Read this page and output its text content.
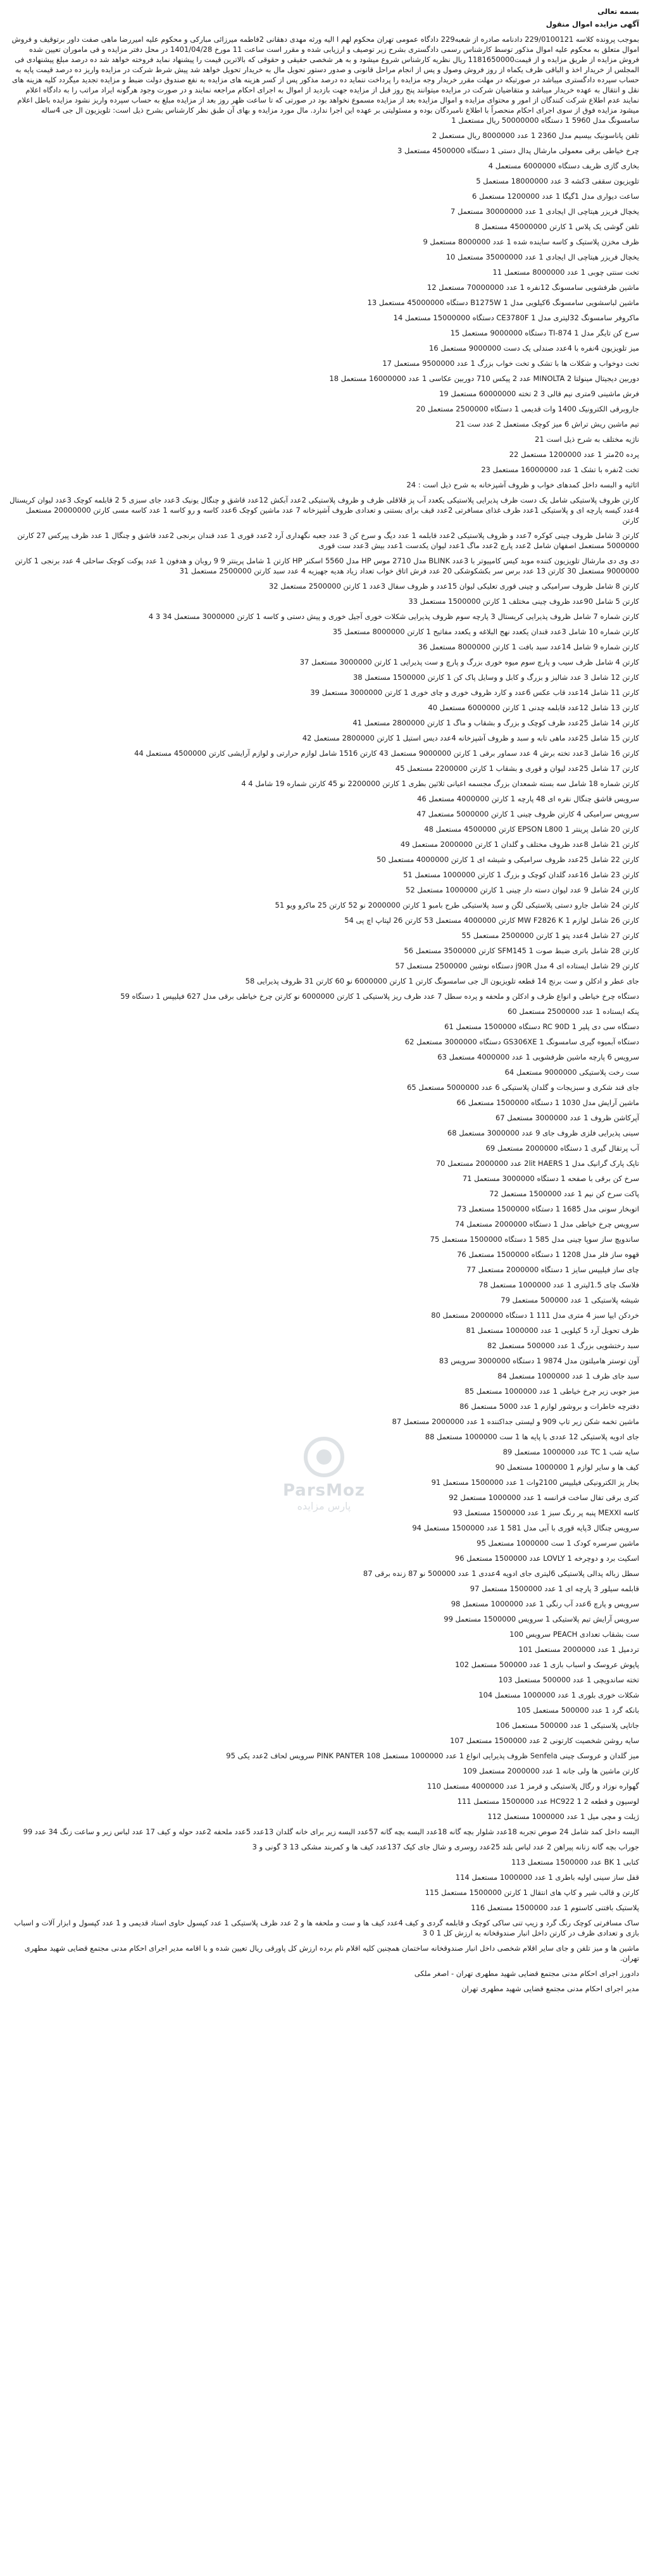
بسمه تعالی
آگهی مزایده اموال منقول
بموجب پرونده کلاسه 229/0100121 دادنامه صادره از شعبه229 دادگاه عمومی تهران محکوم لهم ا الیه ورثه مهدی دهقانی 2فاطمه میرزائی مبارکی و محکوم علیه امیررضا ماهی صفت داور برتوقیف و فروش اموال متعلق به محکوم علیه اموال مذکور توسط کارشناس رسمی دادگستری بشرح زیر توصیف و ارزیابی شده و مقرر است ساعت 11 مورخ 1401/04/28 در محل دفتر مزایده و فی ماموران تعیین شده فروش مزایده از طریق مزایده و از قیمت1181650000 ریال نظریه کارشناس شروع میشود و به هر شخصی حقیقی و حقوقی که بالاترین قیمت را پیشنهاد نماید فروخته خواهد شد ده درصد مبلغ پیشنهادی فی المجلس از خریدار اخذ و الباقی ظرف یکماه از روز فروش وصول و پس از انجام مراحل قانونی و صدور دستور تحویل مال به خریدار تحویل خواهد شد پیش شرط شرکت در مزایده واریز ده درصد قیمت پایه به حساب سپرده دادگستری میباشد در صورتیکه در مهلت مقرر خریدار وجه مزایده را پرداخت ننماید ده درصد مذکور پس از کسر هزینه های مزایده به نفع صندوق دولت ضبط و مزایده تجدید میگردد کلیه هزینه های نقل و انتقال به عهده خریدار میباشد و متقاضیان شرکت در مزایده میتوانند پنج روز قبل از مزایده جهت بازدید از اموال به اجرای احکام مراجعه نمایند و در صورت وجود هرگونه ایراد مراتب را به دادگاه اعلام نمایند عدم اطلاع شرکت کنندگان از امور و محتوای مزایده و اموال مزایده بعد از مزایده مسموع نخواهد بود در صورتی که تا ساعت ظهر روز بعد از مزایده مبلغ به حساب سپرده واریز نشود مزایده باطل اعلام میشود مزایده فوق از سوی اجرای احکام منحصراً با اطلاع نامبردگان بوده و مسئولیتی بر عهده این اجرا ندارد. مال مورد مزایده و بهای آن طبق نظر کارشناس بشرح ذیل است: تلویزیون ال جی 4ساله سامسونگ مدل 5960 1 دستگاه 50000000 ریال مستعمل 1
تلفن پاناسونیک بیسیم مدل 2360 1 عدد 8000000 ریال مستعمل 2
چرخ خیاطی برقی معمولی مارشال پدال دستی 1 دستگاه 4500000 مستعمل 3
بخاری گازی ظریف دستگاه 6000000 مستعمل 4
تلویزیون سقفی 3کشه 3 عدد 18000000 مستعمل 5
ساعت دیواری مدل 1گیگا 1 عدد 1200000 مستعمل 6
یخچال فریزر هیتاچی ال ایجادی 1 عدد 30000000 مستعمل 7
تلفن گوشی یک پلاس 1 کارتن 45000000 مستعمل 8
ظرف مخزن پلاستیک و کاسه ساینده شده 1 عدد 8000000 مستعمل 9
یخچال فریزر هیتاچی ال ایجادی 1 عدد 35000000 مستعمل 10
تخت سنتی چوبی 1 عدد 8000000 مستعمل 11
ماشین ظرفشویی سامسونگ 12نفره 1 عدد 70000000 مستعمل 12
ماشین لباسشویی سامسونگ 6کیلویی مدل B1275W 1 دستگاه 45000000 مستعمل 13
ماکروفر سامسونگ 32لیتری مدل CE3780F 1 دستگاه 15000000 مستعمل 14
سرخ کن تایگر مدل TI-874 1 دستگاه 9000000 مستعمل 15
میز تلویزیون 4نفره با 4عدد صندلی یک دست 9000000 مستعمل 16
تخت دوخواب و شکلات ها با تشک و تخت خواب بزرگ 1 عدد 9500000 مستعمل 17
دوربین دیجیتال مینولتا MINOLTA 2 عدد 2 پیکس 710 دوربین عکاسی 1 عدد 16000000 مستعمل 18
فرش ماشینی 9متری نیم قالی 3 2 تخته 60000000 مستعمل 19
جاروبرقی الکترونیک 1400 وات قدیمی 1 دستگاه 2500000 مستعمل 20
تیم ماشین ریش تراش 6 میز کوچک مستعمل 2 عدد ست 21
ناژیه مختلف به شرح ذیل است 21
پرده 20متر 1 عدد 1200000 مستعمل 22
تخت 2نفره با تشک 1 عدد 16000000 مستعمل 23
اثاثیه و البسه داخل کمدهای خواب و ظروف آشپزخانه به شرح ذیل است : 24
کارتن ظروف پلاستیکی شامل یک دست ظرف پذیرایی پلاستیکی یکعدد آب پز قلاقلی ظرف و ظروف پلاستیکی 2عدد آبکش 12عدد قاشق و چنگال یونیک 3عدد جای سبزی 5 2 قابلمه کوچک 3عدد لیوان کریستال 4عدد کیسه پارچه ای و پلاستیکی 1عدد ظرف غذای مسافرتی 2عدد قیف برای بستنی و تعدادی ظروف آشپزخانه 7 عدد ماشین کوچک 6عدد کاسه و رو کاسه 1 عدد کاسه مسی کارتن 20000000 مستعمل کارتن
کارتن 3 شامل ظروف چینی کوکره 7عدد و ظروف پلاستیکی 2عدد قابلمه 1 عدد دیگ و سرخ کن 3 عدد جعبه نگهداری آرد 2عدد قوری 1 عدد قندان برنجی 2عدد قاشق و چنگال 1 عدد ظرف پیرکس 27 کارتن 5000000 مستعمل اصفهان شامل 2عدد پارچ 2عدد ماگ 1عدد لیوان یکدست 1عدد بیش 3عدد ست قوری
دی وی دی مارشال تلویزیون کننده موبد کیس کامپیوتر با 3عدد BLINK مدل 2710 موس HP مدل 5560 اسکنر HP کارتن 1 شامل پرینتر 9 9 روبان و هدفون 1 عدد پوکت کوچک ساحلی 4 عدد برنجی 1 کارتن 9000000 مستعمل 30 کارتن 13 عدد برس سر بکشکوشکی 20 عدد فرش اتاق خواب تعداد زیاد هدیه جهیزیه 4 عدد سبد کارتن 2500000 مستعمل 31
کارتن 8 شامل ظروف سرامیکی و چینی قوری تعلیکی لیوان 15عدد و ظروف سفال 3عدد 1 کارتن 2500000 مستعمل 32
کارتن 5 شامل 90عدد ظروف چینی مختلف 1 کارتن 1500000 مستعمل 33
کارتن شماره 7 شامل ظروف پذیرایی کریستال 3 پارچه سوم ظروف پذیرایی شکلات خوری آجیل خوری و پیش دستی و کاسه 1 کارتن 3000000 مستعمل 34 3 4
کارتن شماره 10 شامل 3عدد قندان یکعدد نهج البلاغه و یکعدد مفاتیح 1 کارتن 8000000 مستعمل 35
کارتن شماره 9 شامل 14عدد سبد بافت 1 کارتن 8000000 مستعمل 36
کارتن 4 شامل ظرف سیب و پارچ سوم میوه خوری بزرگ و پارچ و ست پذیرایی 1 کارتن 3000000 مستعمل 37
کارتن 12 شامل 3 عدد شالیز و بزرگ و کابل و وسایل پاک کن 1 کارتن 1500000 مستعمل 38
کارتن 11 شامل 14عدد قاب عکس 6عدد و کارد ظروف خوری و چای خوری 1 کارتن 3000000 مستعمل 39
کارتن 13 شامل 12عدد قابلمه چدنی 1 کارتن 6000000 مستعمل 40
کارتن 14 شامل 25عدد ظرف کوچک و بزرگ و بشقاب و ماگ 1 کارتن 2800000 مستعمل 41
کارتن 15 شامل 25عدد ماهی تابه و سبد و ظروف آشپزخانه 4عدد دیس استیل 1 کارتن 2800000 مستعمل 42
کارتن 16 شامل 3عدد تخته برش 4 عدد سماور برقی 1 کارتن 9000000 مستعمل 43 کارتن 1516 شامل لوازم حرارتی و لوازم آرایشی کارتن 4500000 مستعمل 44
کارتن 17 شامل 25عدد لیوان و قوری و بشقاب 1 کارتن 2200000 مستعمل 45
کارتن شماره 18 شامل سه بسته شمعدان بزرگ مجسمه اعیانی ثلاثین بطری 1 کارتن 2200000 نو 45 کارتن شماره 19 شامل 4 4
سرویس قاشق چنگال نقره ای 48 پارچه 1 کارتن 4000000 مستعمل 46
سرویس سرامیکی 4 کارتن ظروف چینی 1 کارتن 5000000 مستعمل 47
کارتن 20 شامل پرینتر EPSON L800 1 کارتن 4500000 مستعمل 48
کارتن 21 شامل 8عدد ظروف مختلف و گلدان 1 کارتن 2000000 مستعمل 49
کارتن 22 شامل 25عدد ظروف سرامیکی و شیشه ای 1 کارتن 4000000 مستعمل 50
کارتن 23 شامل 16عدد گلدان کوچک و بزرگ 1 کارتن 1000000 مستعمل 51
کارتن 24 شامل 9 عدد لیوان دسته دار چینی 1 کارتن 1000000 مستعمل 52
کارتن 24 شامل جارو دستی پلاستیکی لگن و سبد پلاستیکی طرح بامبو 1 کارتن 2000000 نو 52 کارتن 25 ماکرو ویو 51
کارتن 26 شامل لوازم MW F2826 K 1 کارتن 4000000 مستعمل 53 کارتن 26 لپتاپ اچ پی 54
کارتن 27 شامل 4عدد پتو 1 کارتن 2500000 مستعمل 55
کارتن 28 شامل باتری ضبط صوت SFM145 1 کارتن 3500000 مستعمل 56
کارتن 29 شامل ایستاده ای 4 مدل j90R دستگاه نوشین 2500000 مستعمل 57
جای عطر و ادکلن و ست برنج 14 قطعه تلویزیون ال جی سامسونگ کارتن 1 کارتن 6000000 نو 60 کارتن 31 ظروف پذیرایی 58
دستگاه چرخ خیاطی و انواع ظرف و ادکلن و ملحفه و پرده سطل 7 عدد ظرف ریز پلاستیکی 1 کارتن 6000000 نو کارتن چرخ خیاطی برقی مدل 627 فیلیپس 1 دستگاه 59
پنکه ایستاده 1 عدد 2500000 مستعمل 60
دستگاه سی دی پلیر RC 90D 1 دستگاه 1500000 مستعمل 61
دستگاه آبمیوه گیری سامسونگ GS306XE 1 دستگاه 3000000 مستعمل 62
سرویس 6 پارچه ماشین ظرفشویی 1 عدد 4000000 مستعمل 63
ست رخت پلاستیکی 9000000 مستعمل 64
جای قند شکری و سبزیجات و گلدان پلاستیکی 6 عدد 5000000 مستعمل 65
ماشین آرایش مدل 1030 1 دستگاه 1500000 مستعمل 66
آپرکاشن ظروف 1 عدد 3000000 مستعمل 67
سینی پذیرایی فلزی ظروف جای 9 عدد 3000000 مستعمل 68
آب پرتقال گیری 1 دستگاه 2000000 مستعمل 69
تاپک پارک گرانیک مدل 2lit HAERS 1 عدد 2000000 مستعمل 70
سرخ کن برقی با صفحه 1 دستگاه 3000000 مستعمل 71
پاکت سرخ کن نیم 1 عدد 1500000 مستعمل 72
اتوبخار سونی مدل 1685 1 دستگاه 1500000 مستعمل 73
سرویس چرخ خیاطی مدل 1 دستگاه 2000000 مستعمل 74
ساندویچ ساز سوپا چینی مدل 585 1 دستگاه 1500000 مستعمل 75
قهوه ساز فلر مدل 1208 1 دستگاه 1500000 مستعمل 76
چای ساز فیلیپس سایز 1 دستگاه 2000000 مستعمل 77
فلاسک چای 1.5لیتری 1 عدد 1000000 مستعمل 78
شیشه پلاستیکی 1 عدد 500000 مستعمل 79
خردکن ایپا سبز 4 متری مدل 111 1 دستگاه 2000000 مستعمل 80
ظرف تحویل آرد 5 کیلویی 1 عدد 1000000 مستعمل 81
سبد رختشویی بزرگ 1 عدد 500000 مستعمل 82
آون توستر هامیلتون مدل 9874 1 دستگاه 3000000 سرویس 83
سبد جای ظرف 1 عدد 1000000 مستعمل 84
میز جوبی زیر چرخ خیاطی 1 عدد 1000000 مستعمل 85
دفترچه خاطرات و بروشور لوازم 1 عدد 5000 مستعمل 86
ماشین تخمه شکن زیر تاپ 909 و لیستی جداکننده 1 عدد 2000000 مستعمل 87
جای ادویه پلاستیکی 12 عددی با پایه ها 1 ست 1000000 مستعمل 88
سایه شب TC 1 عدد 1000000 مستعمل 89
کیف ها و سایر لوازم 1 1000000 مستعمل 90
بخار پز الکترونیکی فیلیپس 2100وات 1 عدد 1500000 مستعمل 91
کتری برقی تفال ساخت فرانسه 1 عدد 1000000 مستعمل 92
کاسه MEXXI پنبه پر رنگ سبز 1 عدد 1500000 مستعمل 93
سرویس چنگال 3پایه قوری با آبی مدل 581 1 عدد 1500000 مستعمل 94
ماشین سرسره کودک 1 ست 1000000 مستعمل 95
اسکیت برد و دوچرخه LOVLY 1 عدد 1500000 مستعمل 96
سطل زباله پدالی پلاستیکی 6لیتری جای ادویه 4عددی 1 عدد 500000 نو 87 زنده برقی 87
قابلمه سیلور 3 پارچه ای 1 عدد 1500000 مستعمل 97
سرویس و پارچ 6عدد آب رنگی 1 عدد 1000000 مستعمل 98
سرویس آرایش تیم پلاستیکی 1 سرویس 1500000 مستعمل 99
ست بشقاب تعدادی PEACH سرویس 100
تردمیل 1 عدد 2000000 مستعمل 101
پاپوش عروسک و اسباب بازی 1 عدد 500000 مستعمل 102
تخته ساندویچی 1 عدد 500000 مستعمل 103
شکلات خوری بلوری 1 عدد 1000000 مستعمل 104
بانکه گرد 1 عدد 500000 مستعمل 105
جاتاپی پلاستیکی 1 عدد 500000 مستعمل 106
سایه روشن شخصیت کارتونی 2 عدد 1500000 مستعمل 107
میز گلدان و عروسک چینی Senfela ظروف پذیرایی انواع 1 عدد 1000000 مستعمل 108 PINK PANTER سرویس لحاف 2عدد یکی 95
کارتن ماشین ها ولی جانه 1 عدد 2000000 مستعمل 109
گهواره نوزاد و رگال پلاستیکی و قرمز 1 عدد 4000000 مستعمل 110
لوسیون و قطعه 2 HC922 1 عدد 1500000 مستعمل 111
ژیلت و مچی میل 1 عدد 1000000 مستعمل 112
البسه داخل کمد شامل 24 صوص تجربه 18عدد شلوار بچه گانه 18عدد البسه بچه گانه 57عدد البسه زیر برای خانه گلدان 13عدد 5عدد ملحفه 2عدد حوله و کیف 17 عدد لباس زیر و ساعت زنگ 34 عدد 99
جوراب بچه گانه زنانه پیراهن 2 عدد لباس بلند 25عدد روسری و شال جای کیک 137عدد کیف ها و کمربند مشکی 13 3 گونی و 3
کتابی BK 1 عدد 1500000 مستعمل 113
قفل ساز سینی اولیه باطری 1 عدد 1000000 مستعمل 114
کارتن و قالب شیر و کاپ های انتقال 1 کارتن 1500000 مستعمل 115
پلاستیک بافتنی کاستوم 1 عدد 1500000 مستعمل 116
ساک مسافرتی کوچک رنگ گرد و زیپ تنی ساکی کوچک و قابلمه گردی و کیف 4عدد کیف ها و ست و ملحفه ها و 2 عدد ظرف پلاستیکی 1 عدد کپسول حاوی اسناد قدیمی و 1 عدد کپسول و ابزار آلات و اسباب بازی و تعدادی ظرف در کارتن داخل انبار صندوقخانه به ارزش کل 1 0 3
ماشین ها و میز تلفن و جای سایر اقلام شخصی داخل انبار صندوقخانه ساختمان همچنین کلیه اقلام نام برده ارزش کل پاورقی ریال تعیین شده و با اقامه مدیر اجرای احکام مدنی مجتمع قضایی شهید مطهری تهران.
دادورز اجرای احکام مدنی مجتمع قضایی شهید مطهری تهران - اصغر ملکی
مدیر اجرای احکام مدنی مجتمع قضایی شهید مطهری تهران
ParsMoz
پارس مزایده
